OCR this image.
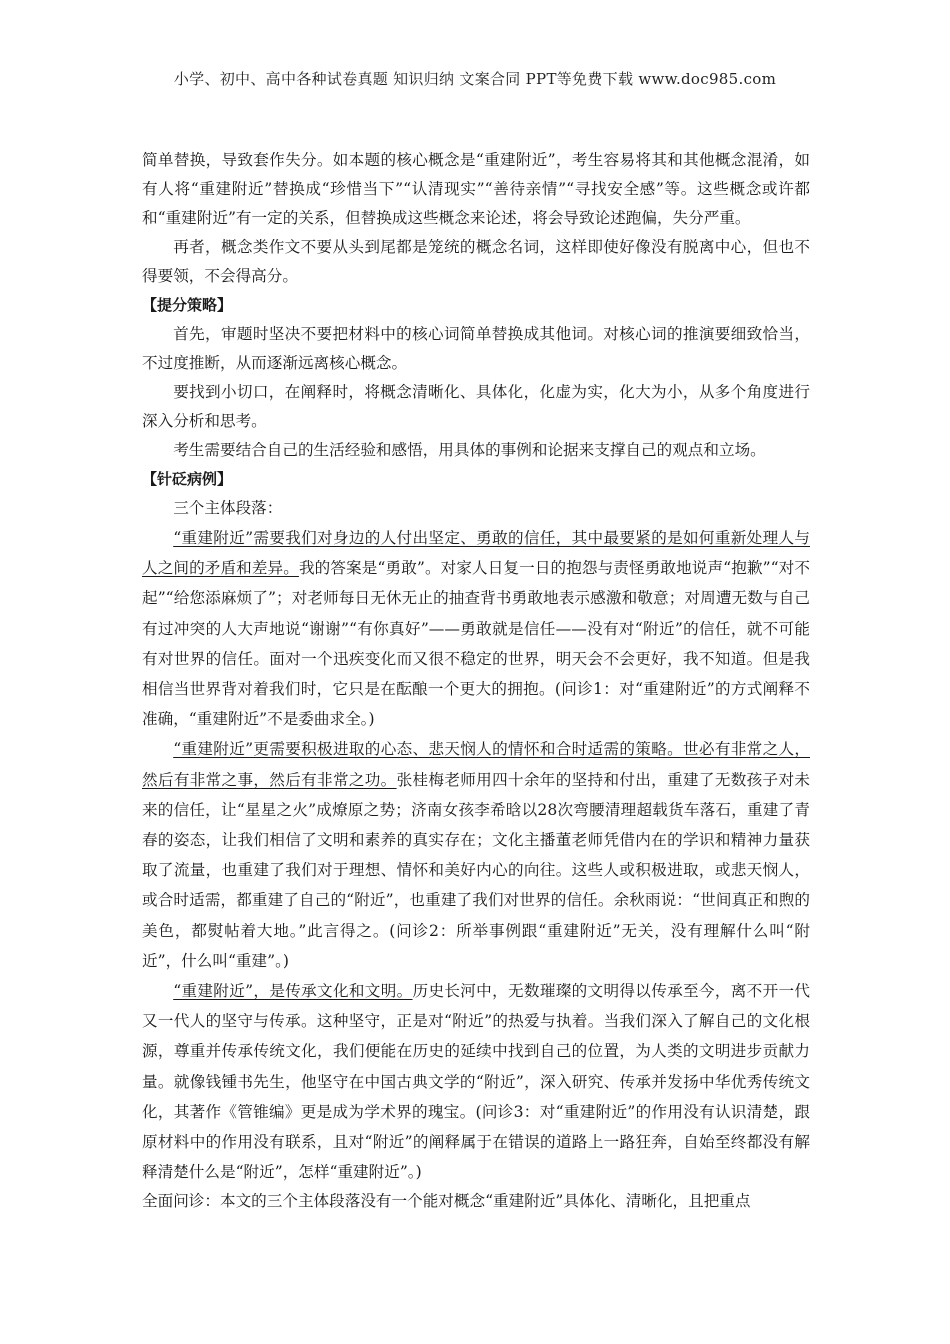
小学、初中、高中各种试卷真题 知识归纳 文案合同 PPT等免费下载 www.doc985.com

简单替换，导致套作失分。如本题的核心概念是“重建附近”，考生容易将其和其他概念混淆，如有人将“重建附近”替换成“珍惜当下”“认清现实”“善待亲情”“寻找安全感”等。这些概念或许都和“重建附近”有一定的关系，但替换成这些概念来论述，将会导致论述跑偏，失分严重。

再者，概念类作文不要从头到尾都是笼统的概念名词，这样即使好像没有脱离中心，但也不得要领，不会得高分。

【提分策略】

首先，审题时坚决不要把材料中的核心词简单替换成其他词。对核心词的推演要细致恰当，不过度推断，从而逐渐远离核心概念。

要找到小切口，在阐释时，将概念清晰化、具体化，化虚为实，化大为小，从多个角度进行深入分析和思考。

考生需要结合自己的生活经验和感悟，用具体的事例和论据来支撑自己的观点和立场。

【针砭病例】

三个主体段落：

“重建附近”需要我们对身边的人付出坚定、勇敢的信任，其中最要紧的是如何重新处理人与人之间的矛盾和差异。我的答案是“勇敢”。对家人日复一日的抱怨与责怪勇敢地说声“抱歉”“对不起”“给您添麻烦了”；对老师每日无休无止的抽查背书勇敢地表示感激和敬意；对周遭无数与自己有过冲突的人大声地说“谢谢”“有你真好”——勇敢就是信任——没有对“附近”的信任，就不可能有对世界的信任。面对一个迅疾变化而又很不稳定的世界，明天会不会更好，我不知道。但是我相信当世界背对着我们时，它只是在酝酿一个更大的拥抱。(问诊1：对“重建附近”的方式阐释不准确，“重建附近”不是委曲求全。)

“重建附近”更需要积极进取的心态、悲天悯人的情怀和合时适需的策略。世必有非常之人，然后有非常之事，然后有非常之功。张桂梅老师用四十余年的坚持和付出，重建了无数孩子对未来的信任，让“星星之火”成燎原之势；济南女孩李希晗以28次弯腰清理超载货车落石，重建了青春的姿态，让我们相信了文明和素养的真实存在；文化主播董老师凭借内在的学识和精神力量获取了流量，也重建了我们对于理想、情怀和美好内心的向往。这些人或积极进取，或悲天悯人，或合时适需，都重建了自己的“附近”，也重建了我们对世界的信任。余秋雨说：“世间真正和煦的美色，都熨帖着大地。”此言得之。(问诊2：所举事例跟“重建附近”无关，没有理解什么叫“附近”，什么叫“重建”。)

“重建附近”，是传承文化和文明。历史长河中，无数璀璨的文明得以传承至今，离不开一代又一代人的坚守与传承。这种坚守，正是对“附近”的热爱与执着。当我们深入了解自己的文化根源，尊重并传承传统文化，我们便能在历史的延续中找到自己的位置，为人类的文明进步贡献力量。就像钱锺书先生，他坚守在中国古典文学的“附近”，深入研究、传承并发扬中华优秀传统文化，其著作《管锥编》更是成为学术界的瑰宝。(问诊3：对“重建附近”的作用没有认识清楚，跟原材料中的作用没有联系，且对“附近”的阐释属于在错误的道路上一路狂奔，自始至终都没有解释清楚什么是“附近”，怎样“重建附近”。)

全面问诊：本文的三个主体段落没有一个能对概念“重建附近”具体化、清晰化，且把重点
